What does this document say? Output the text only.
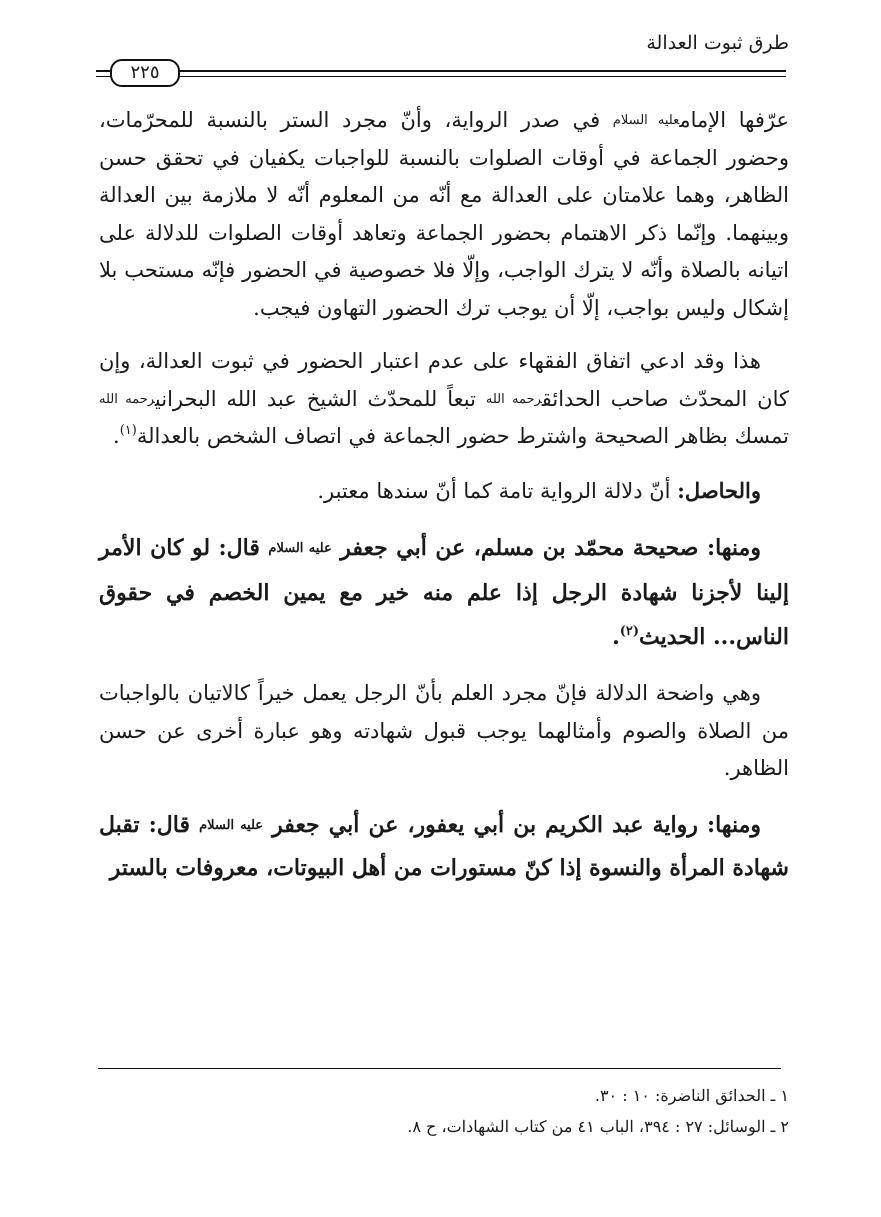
طرق ثبوت العدالة
٢٢٥

عرّفها الإمامعليه السلام في صدر الرواية، وأنّ مجرد الستر بالنسبة للمحرّمات، وحضور الجماعة في أوقات الصلوات بالنسبة للواجبات يكفيان في تحقق حسن الظاهر، وهما علامتان على العدالة مع أنّه من المعلوم أنّه لا ملازمة بين العدالة وبينهما. وإنّما ذكر الاهتمام بحضور الجماعة وتعاهد أوقات الصلوات للدلالة على اتيانه بالصلاة وأنّه لا يترك الواجب، وإلّا فلا خصوصية في الحضور فإنّه مستحب بلا إشكال وليس بواجب، إلّا أن يوجب ترك الحضور التهاون فيجب.

هذا وقد ادعي اتفاق الفقهاء على عدم اعتبار الحضور في ثبوت العدالة، وإن كان المحدّث صاحب الحدائقرحمه الله تبعاً للمحدّث الشيخ عبد الله البحرانيرحمه الله تمسك بظاهر الصحيحة واشترط حضور الجماعة في اتصاف الشخص بالعدالة$^{(١)}$.

والحاصل: أنّ دلالة الرواية تامة كما أنّ سندها معتبر.

ومنها: صحيحة محمّد بن مسلم، عن أبي جعفر عليه السلام قال: لو كان الأمر إلينا لأجزنا شهادة الرجل إذا علم منه خير مع يمين الخصم في حقوق الناس... الحديث$^{(٢)}$.

وهي واضحة الدلالة فإنّ مجرد العلم بأنّ الرجل يعمل خيراً كالاتيان بالواجبات من الصلاة والصوم وأمثالهما يوجب قبول شهادته وهو عبارة أخرى عن حسن الظاهر.

ومنها: رواية عبد الكريم بن أبي يعفور، عن أبي جعفر عليه السلام قال: تقبل شهادة المرأة والنسوة إذا كنّ مستورات من أهل البيوتات، معروفات بالستر

١ ـ الحدائق الناضرة: ١٠ : ٣٠.
٢ ـ الوسائل: ٢٧ : ٣٩٤، الباب ٤١ من كتاب الشهادات، ح ٨.
